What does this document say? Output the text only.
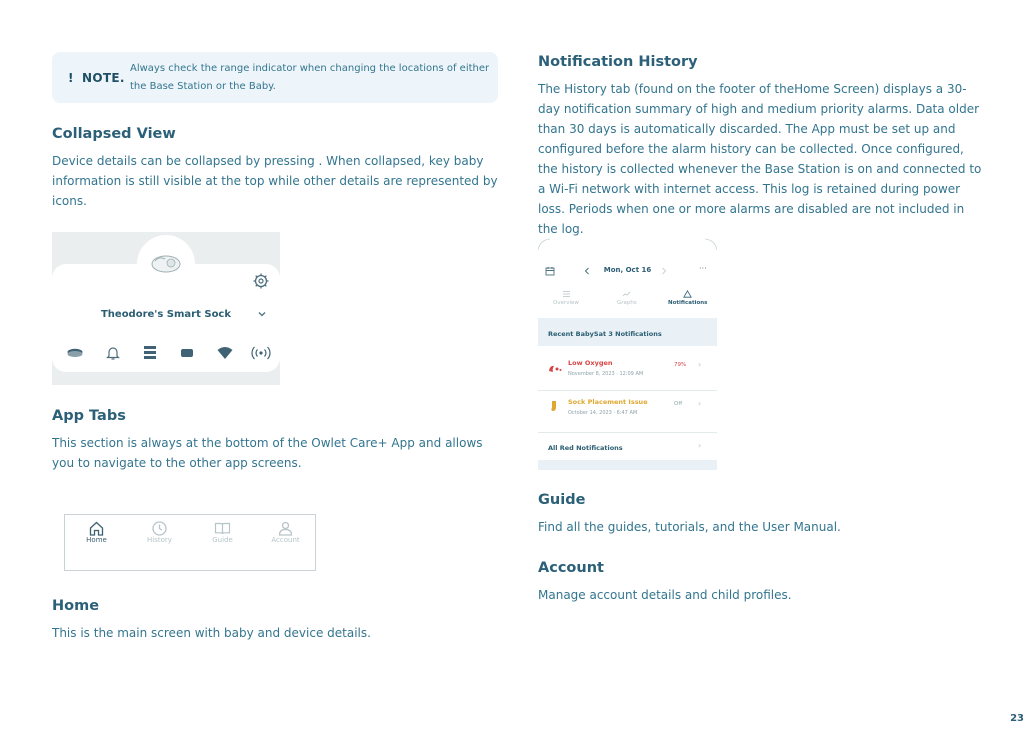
! NOTE.
Always check the range indicator when changing the locations of either the Base Station or the Baby.
Collapsed View
Device details can be collapsed by pressing . When collapsed, key baby information is still visible at the top while other details are represented by icons.
Theodore's Smart Sock
App Tabs
This section is always at the bottom of the Owlet Care+ App and allows you to navigate to the other app screens.
Home	History	Guide	Account
Home
This is the main screen with baby and device details.
Notification History
The History tab (found on the footer of theHome Screen) displays a 30-day notification summary of high and medium priority alarms. Data older than 30 days is automatically discarded. The App must be set up and configured before the alarm history can be collected. Once configured, the history is collected whenever the Base Station is on and connected to a Wi-Fi network with internet access. This log is retained during power loss. Periods when one or more alarms are disabled are not included in the log.
Mon, Oct 16	···
Overview	Graphs	Notifications
Recent BabySat 3 Notifications
Low Oxygen
November 8, 2023 · 12:09 AM
79% ›
Sock Placement Issue
October 14, 2023 · 6:47 AM
Off ›
All Red Notifications	›
Guide
Find all the guides, tutorials, and the User Manual.
Account
Manage account details and child profiles.
23
